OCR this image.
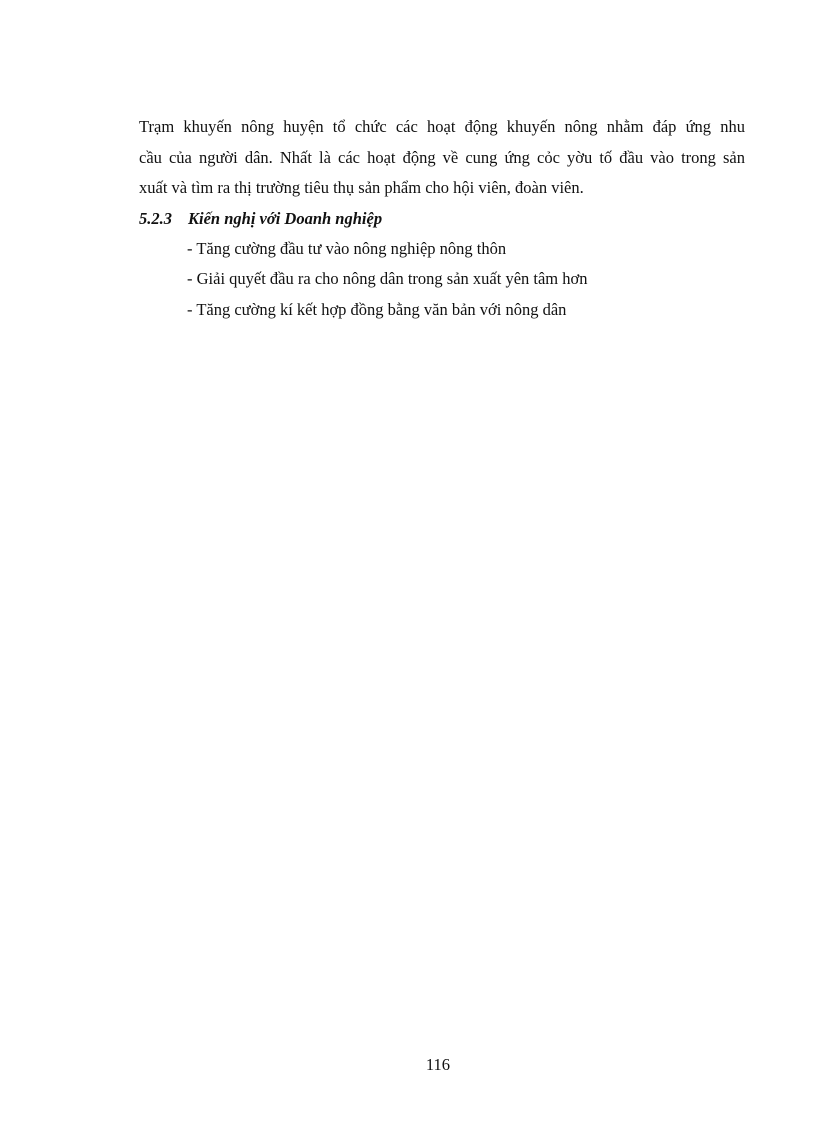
Trạm khuyến nông huyện tổ chức các hoạt động khuyến nông nhằm đáp ứng nhu
cầu của người dân. Nhất là các hoạt động về cung ứng cỏc yờu tố đầu vào trong sản
xuất và tìm ra thị trường tiêu thụ sản phẩm cho hội viên, đoàn viên.

5.2.3 Kiến nghị với Doanh nghiệp
- Tăng cường đầu tư vào nông nghiệp nông thôn
- Giải quyết đầu ra cho nông dân trong sản xuất yên tâm hơn
- Tăng cường kí kết hợp đồng bằng văn bản với nông dân
116
